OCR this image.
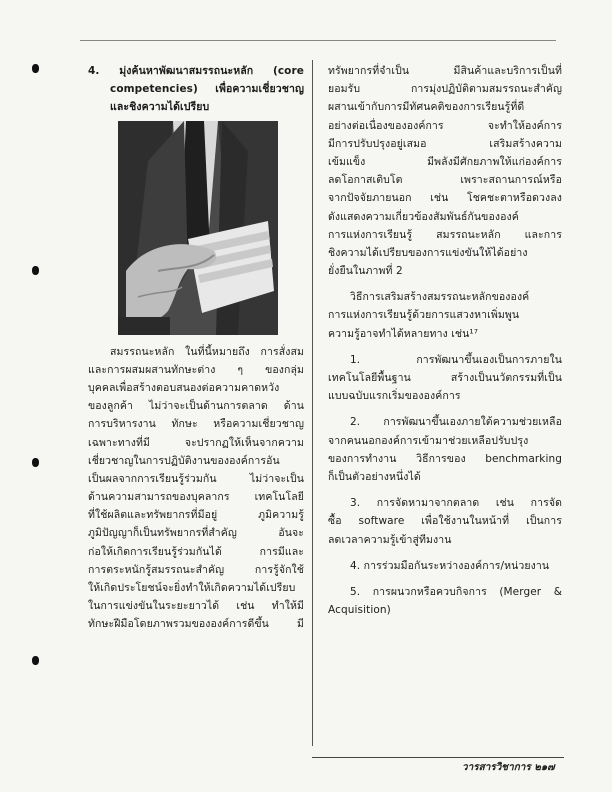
4. มุ่งค้นหาพัฒนาสมรรถนะหลัก (core
competencies) เพื่อความเชี่ยวชาญ
และชิงความได้เปรียบ
สมรรถนะหลัก ในที่นี้หมายถึง การสั่งสม
และการผสมผสานทักษะต่าง ๆ ของกลุ่ม
บุคคลเพื่อสร้างตอบสนองต่อความคาดหวัง
ของลูกค้า ไม่ว่าจะเป็นด้านการตลาด ด้าน
การบริหารงาน ทักษะ หรือความเชี่ยวชาญ
เฉพาะทางที่มี จะปรากฏให้เห็นจากความ
เชี่ยวชาญในการปฏิบัติงานขององค์การอัน
เป็นผลจากการเรียนรู้ร่วมกัน ไม่ว่าจะเป็น
ด้านความสามารถของบุคลากร เทคโนโลยี
ที่ใช้ผลิตและทรัพยากรที่มีอยู่ ภูมิความรู้
ภูมิปัญญาก็เป็นทรัพยากรที่สำคัญ อันจะ
ก่อให้เกิดการเรียนรู้ร่วมกันได้ การมีและ
การตระหนักรู้สมรรถนะสำคัญ การรู้จักใช้
ให้เกิดประโยชน์จะยิ่งทำให้เกิดความได้เปรียบ
ในการแข่งขันในระยะยาวได้ เช่น ทำให้มี
ทักษะฝีมือโดยภาพรวมขององค์การดีขึ้น มี
ทรัพยากรที่จำเป็น มีสินค้าและบริการเป็นที่
ยอมรับ การมุ่งปฏิบัติตามสมรรถนะสำคัญ
ผสานเข้ากับการมีทัศนคติของการเรียนรู้ที่ดี
อย่างต่อเนื่องขององค์การ จะทำให้องค์การ
มีการปรับปรุงอยู่เสมอ เสริมสร้างความ
เข้มแข็ง มีพลังมีศักยภาพให้แก่องค์การ
ลดโอกาสเติบโต เพราะสถานการณ์หรือ
จากปัจจัยภายนอก เช่น โชคชะตาหรือดวงลง
ดังแสดงความเกี่ยวข้องสัมพันธ์กันขององค์
การแห่งการเรียนรู้ สมรรถนะหลัก และการ
ชิงความได้เปรียบของการแข่งขันให้ได้อย่าง
ยั่งยืนในภาพที่ 2
วิธีการเสริมสร้างสมรรถนะหลักขององค์
การแห่งการเรียนรู้ด้วยการแสวงหาเพิ่มพูน
ความรู้อาจทำได้หลายทาง เช่น¹⁷
1. การพัฒนาขึ้นเองเป็นการภายใน
เทคโนโลยีพื้นฐาน สร้างเป็นนวัตกรรมที่เป็น
แบบฉบับแรกเริ่มขององค์การ
2. การพัฒนาขึ้นเองภายใต้ความช่วยเหลือ
จากคนนอกองค์การเข้ามาช่วยเหลือปรับปรุง
ของการทำงาน วิธีการของ benchmarking
ก็เป็นตัวอย่างหนึ่งได้
3. การจัดหามาจากตลาด เช่น การจัด
ซื้อ software เพื่อใช้งานในหน้าที่ เป็นการ
ลดเวลาความรู้เข้าสู่ทีมงาน
4. การร่วมมือกันระหว่างองค์การ/หน่วยงาน
5. การผนวกหรือควบกิจการ (Merger &
Acquisition)
วารสารวิชาการ ๒๑๗
